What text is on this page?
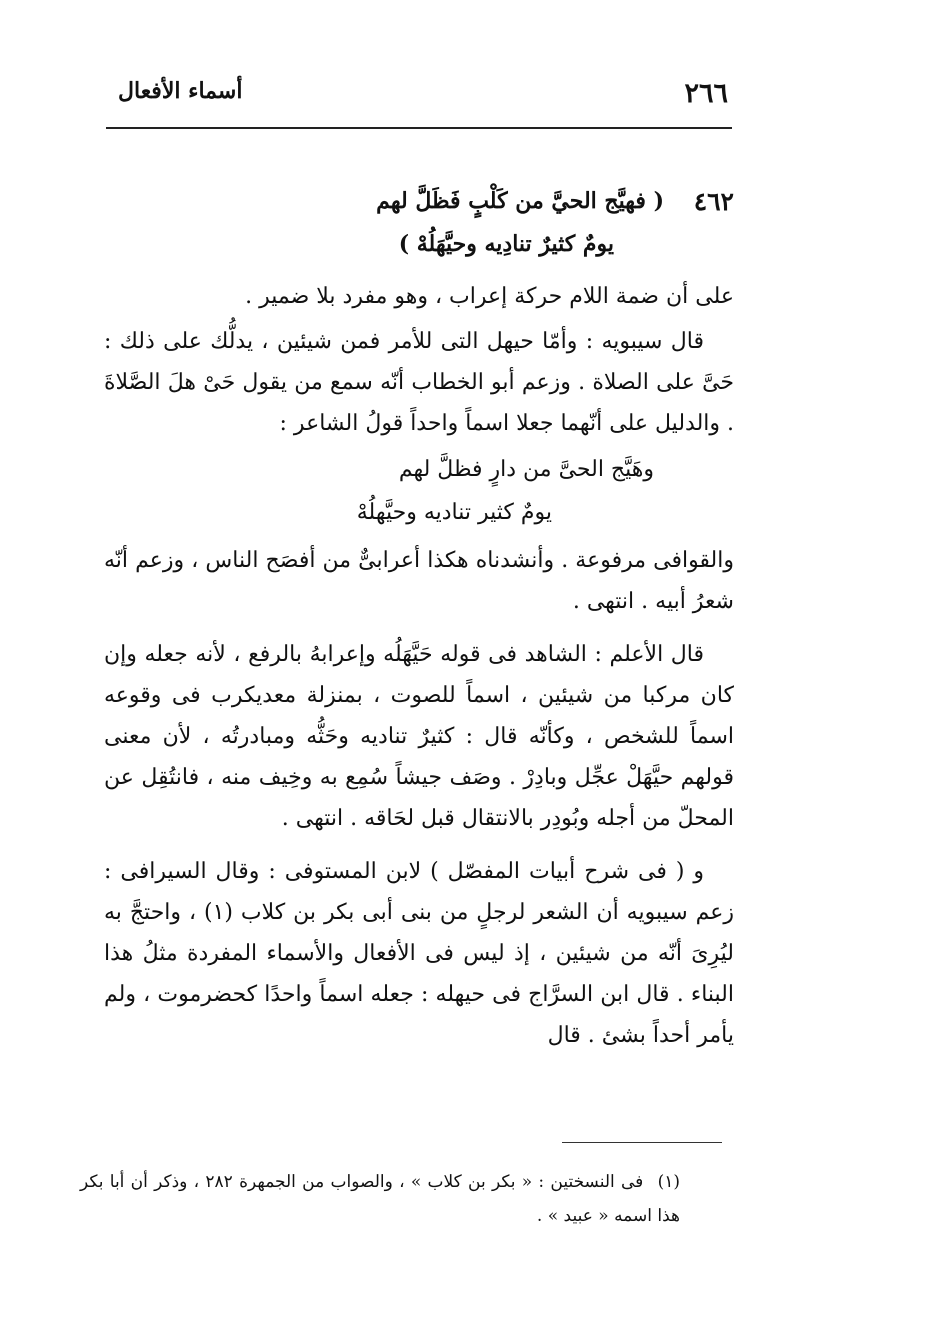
٢٦٦
أسماء الأفعال
٤٦٢
( فهيَّج الحيَّ من كَلْبٍ فَظَلَّ لهم
يومٌ كثيرٌ تنادِيه وحيَّهَلُهْ )

على أن ضمة اللام حركة إعراب ، وهو مفرد بلا ضمير .

قال سيبويه : وأمّا حيهل التى للأمر فمن شيئين ، يدلُّك على ذلك : حَىَّ على الصلاة . وزعم أبو الخطاب أنّه سمع من يقول حَىْ هلَ الصَّلاةَ . والدليل على أنّهما جعلا اسماً واحداً قولُ الشاعر :

وهَيَّج الحىَّ من دارٍ فظلَّ لهم
يومٌ كثير تناديه وحيَّهلُهْ

والقوافى مرفوعة . وأنشدناه هكذا أعرابىٌّ من أفصَح الناس ، وزعم أنّه شعرُ أبيه . انتهى .

قال الأعلم : الشاهد فى قوله حَيَّهَلُه وإعرابهُ بالرفع ، لأنه جعله وإن كان مركبا من شيئين ، اسماً للصوت ، بمنزلة معديكرب فى وقوعه اسماً للشخص ، وكأنّه قال : كثيرٌ تناديه وحَثُّه ومبادرتُه ، لأن معنى قولهم حيَّهَلْ عجِّل وبادِرْ . وصَف جيشاً سُمِع به وخِيف منه ، فانتُقِل عن المحلّ من أجله وبُودِر بالانتقال قبل لحَاقه . انتهى .

و ( فى شرح أبيات المفصّل ) لابن المستوفى : وقال السيرافى : زعم سيبويه أن الشعر لرجلٍ من بنى أبى بكر بن كلاب (١) ، واحتجَّ به ليُرِىَ أنّه من شيئين ، إذ ليس فى الأفعال والأسماء المفردة مثلُ هذا البناء . قال ابن السرَّاج فى حيهله : جعله اسماً واحدًا كحضرموت ، ولم يأمر أحداً بشئ . قال

(١) فى النسختين : « بكر بن كلاب » ، والصواب من الجمهرة ٢٨٢ ، وذكر أن أبا بكر هذا اسمه « عبيد » .
